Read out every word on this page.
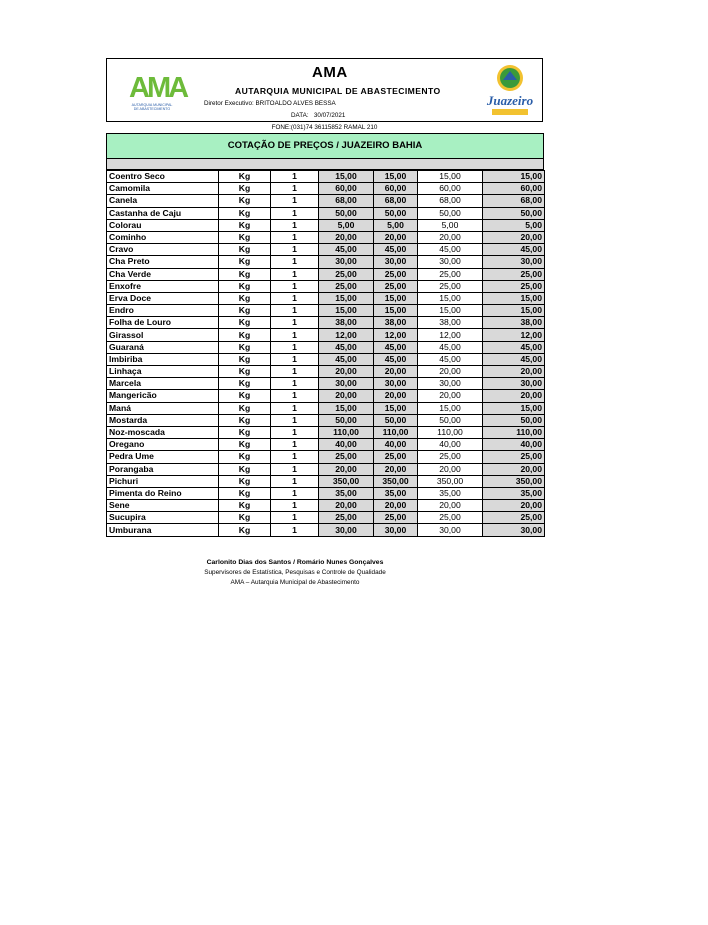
AMA
AUTARQUIA MUNICIPAL DE ABASTECIMENTO
AMA
AUTARQUIA MUNICIPAL DE ABASTECIMENTO
Diretor Executivo: BRITOALDO ALVES BESSA
DATA: 30/07/2021
Juazeiro
FONE:(031)74 36115852 RAMAL 210
COTAÇÃO DE PREÇOS / JUAZEIRO BAHIA
Coentro Seco	Kg	1	15,00	15,00	15,00	15,00
Camomila	Kg	1	60,00	60,00	60,00	60,00
Canela	Kg	1	68,00	68,00	68,00	68,00
Castanha de Caju	Kg	1	50,00	50,00	50,00	50,00
Colorau	Kg	1	5,00	5,00	5,00	5,00
Cominho	Kg	1	20,00	20,00	20,00	20,00
Cravo	Kg	1	45,00	45,00	45,00	45,00
Cha Preto	Kg	1	30,00	30,00	30,00	30,00
Cha Verde	Kg	1	25,00	25,00	25,00	25,00
Enxofre	Kg	1	25,00	25,00	25,00	25,00
Erva Doce	Kg	1	15,00	15,00	15,00	15,00
Endro	Kg	1	15,00	15,00	15,00	15,00
Folha de Louro	Kg	1	38,00	38,00	38,00	38,00
Girassol	Kg	1	12,00	12,00	12,00	12,00
Guaraná	Kg	1	45,00	45,00	45,00	45,00
Imbiriba	Kg	1	45,00	45,00	45,00	45,00
Linhaça	Kg	1	20,00	20,00	20,00	20,00
Marcela	Kg	1	30,00	30,00	30,00	30,00
Mangericão	Kg	1	20,00	20,00	20,00	20,00
Maná	Kg	1	15,00	15,00	15,00	15,00
Mostarda	Kg	1	50,00	50,00	50,00	50,00
Noz-moscada	Kg	1	110,00	110,00	110,00	110,00
Oregano	Kg	1	40,00	40,00	40,00	40,00
Pedra Ume	Kg	1	25,00	25,00	25,00	25,00
Porangaba	Kg	1	20,00	20,00	20,00	20,00
Pichuri	Kg	1	350,00	350,00	350,00	350,00
Pimenta do Reino	Kg	1	35,00	35,00	35,00	35,00
Sene	Kg	1	20,00	20,00	20,00	20,00
Sucupira	Kg	1	25,00	25,00	25,00	25,00
Umburana	Kg	1	30,00	30,00	30,00	30,00
Carlonito Dias dos Santos / Romário Nunes Gonçalves
Supervisores de Estatística, Pesquisas e Controle de Qualidade
AMA – Autarquia Municipal de Abastecimento
